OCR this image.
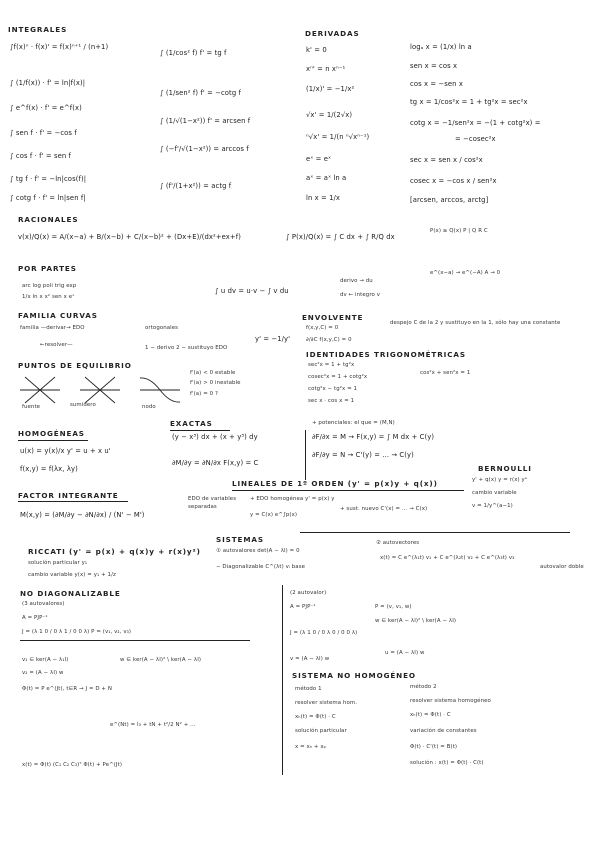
INTEGRALES
∫f(x)ⁿ · f(x)' = f(x)ⁿ⁺¹ / (n+1)
∫ (1/f(x)) · f' = ln|f(x)|
∫ e^f(x) · f' = e^f(x)
∫ sen f · f' = −cos f
∫ cos f · f' = sen f
∫ tg f · f' = −ln|cos(f)|
∫ cotg f · f' = ln|sen f|
∫ (1/cos² f) f' = tg f
∫ (1/sen² f) f' = −cotg f
∫ (1/√(1−x²)) f' = arcsen f
∫ (−f'/√(1−x²)) = arccos f
∫ (f'/(1+x²)) = actg f
DERIVADAS
k' = 0
xⁿ' = n xⁿ⁻¹
(1/x)' = −1/x²
√x' = 1/(2√x)
ⁿ√x' = 1/(n ⁿ√xⁿ⁻¹)
eˣ = eˣ
aˣ = aˣ ln a
ln x = 1/x
logₐ x = (1/x) ln a
sen x = cos x
cos x = −sen x
tg x = 1/cos²x = 1 + tg²x = sec²x
cotg x = −1/sen²x = −(1 + cotg²x) =
= −cosec²x
sec x = sen x / cos²x
cosec x = −cos x / sen²x
[arcsen, arccos, arctg]
RACIONALES
v(x)/Q(x) = A/(x−a) + B/(x−b) + C/(x−b)² + (Dx+E)/(dx²+ex+f)	∫ P(x)/Q(x) = ∫ C dx + ∫ R/Q dx
P(x) ≥ Q(x) P | Q R C
POR PARTES
arc log poli trig exp
1/x ln x x² sen x eˣ
∫ u dv = u·v − ∫ v du
derivo → du
dv ← integro v
e^(x−a) → e^(−A) A → 0
FAMILIA CURVAS
familia —derivar→ EDO
←resolver—
ortogonales
1 − derivo 2 − sustituyo EDO
y' = −1/y'
ENVOLVENTE
f(x,y,C) = 0
∂/∂C f(x,y,C) = 0
despejo C de la 2 y sustituyo en la 1, sólo hay una constante
PUNTOS DE EQUILIBRIO
fuente	sumidero	nodo
f'(a) < 0 estable
f'(a) > 0 inestable
f'(a) = 0 ?
IDENTIDADES TRIGONOMÉTRICAS
sec²x = 1 + tg²x
cosec²x = 1 + cotg²x
cotg²x − tg²x = 1
cos²x + sen²x = 1
sec x · cos x = 1
HOMOGÉNEAS
u(x) = y(x)/x y' = u + x u'
f(x,y) = f(λx, λy)
EXACTAS
(y − x³) dx + (x + y³) dy
∂M/∂y = ∂N/∂x F(x,y) = C
+ potenciales: el que = (M,N)
∂F/∂x = M → F(x,y) = ∫ M dx + C(y)
∂F/∂y = N → C'(y) = ... → C(y)
BERNOULLI
y' + q(x) y = r(x) yᵃ
cambio variable
v = 1/y^(a−1)
FACTOR INTEGRANTE
M(x,y) = (∂M/∂y − ∂N/∂x) / (N' − M')
EDO de variables separadas
LINEALES DE 1º ORDEN (y' = p(x)y + q(x))
+ EDO homogénea y' = p(x) y
y = C(x) e^∫p(x)
+ sust. nuevo C'(x) = ... → C(x)
RICCATI (y' = p(x) + q(x)y + r(x)y²)
solución particular y₁
cambio variable y(x) = y₁ + 1/z
SISTEMAS
① autovalores det(A − λI) = 0
② autovectores
− Diagonalizable C^(λt) vᵢ base
x(t) = C e^(λ₁t) v₁ + C e^(λ₂t) v₂ + C e^(λ₃t) v₃
autovalor doble
NO DIAGONALIZABLE
(3 autovalores)
A = PJP⁻¹
J = (λ 1 0 / 0 λ 1 / 0 0 λ) P = (v₁, v₂, v₃)
v₁ ∈ ker(A − λ₁I)	w ∈ ker(A − λI)² \ ker(A − λI)
v₂ = (A − λI) w
Φ(t) = P e^(Jt), t∈R → J = D + N
e^(Nt) = I₃ + tN + t²/2 N² + ...
x(t) = Φ(t) (C₁ C₂ C₃)ᵀ Φ(t) + Pe^(Jt)
(2 autovalor)
A = PJP⁻¹	P = (v, v₁, w)
w ∈ ker(A − λI)² \ ker(A − λI)
J = (λ 1 0 / 0 λ 0 / 0 0 λ)
u = (A − λI) w
v = (A − λI) w
SISTEMA NO HOMOGÉNEO
método 1
resolver sistema hom.
xₕ(t) = Φ(t) · C
solución particular
x = xₕ + xₚ
método 2
resolver sistema homogéneo
xₕ(t) = Φ(t) · C
variación de constantes
Φ(t) · C'(t) = B(t)
solución : x(t) = Φ(t) · C(t)
